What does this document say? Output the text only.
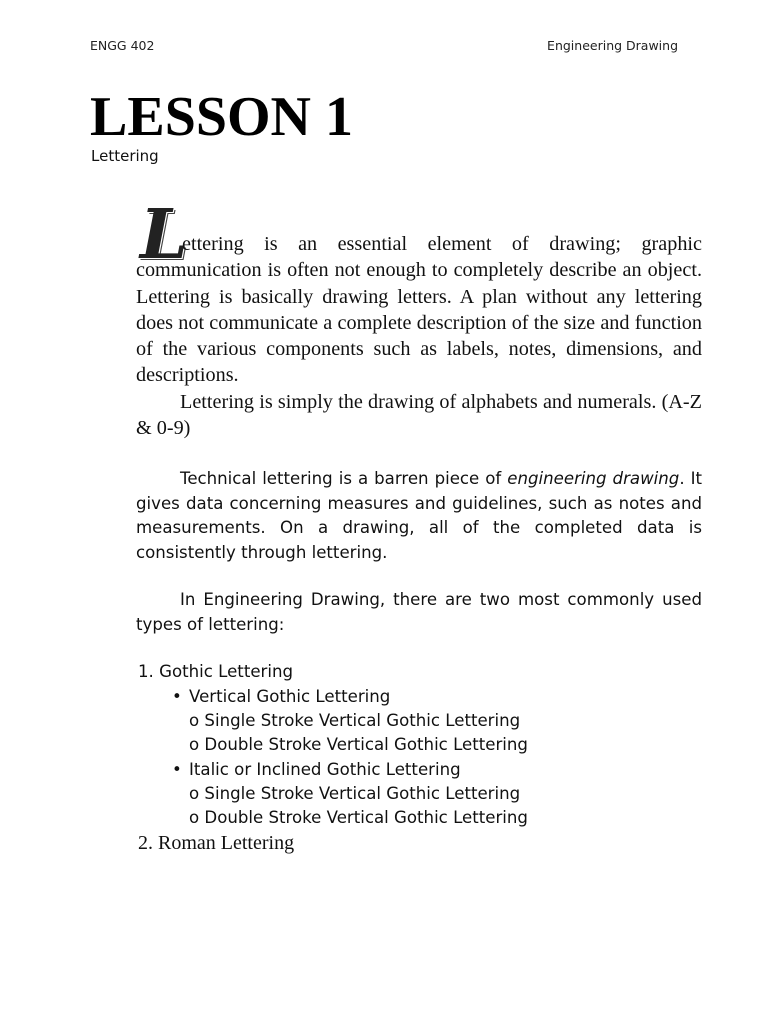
ENGG 402	Engineering Drawing
LESSON 1
Lettering
L

ettering is an essential element of drawing; graphic communication is often not enough to completely describe an object. Lettering is basically drawing letters. A plan without any lettering does not communicate a complete description of the size and function of the various components such as labels, notes, dimensions, and descriptions.

Lettering is simply the drawing of alphabets and numerals. (A-Z & 0-9)

Technical lettering is a barren piece of engineering drawing. It gives data concerning measures and guidelines, such as notes and measurements. On a drawing, all of the completed data is consistently through lettering.

In Engineering Drawing, there are two most commonly used types of lettering:

1. Gothic Lettering
• Vertical Gothic Lettering
o Single Stroke Vertical Gothic Lettering
o Double Stroke Vertical Gothic Lettering
• Italic or Inclined Gothic Lettering
o Single Stroke Vertical Gothic Lettering
o Double Stroke Vertical Gothic Lettering
2. Roman Lettering
